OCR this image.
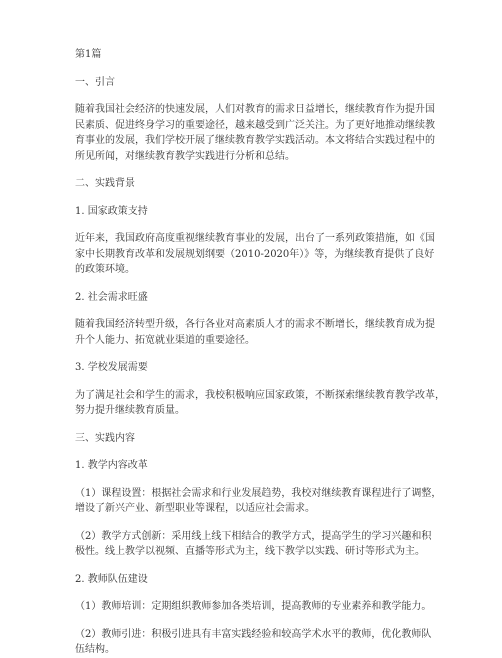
第1篇
一、引言
随着我国社会经济的快速发展，人们对教育的需求日益增长，继续教育作为提升国
民素质、促进终身学习的重要途径，越来越受到广泛关注。为了更好地推动继续教
育事业的发展，我们学校开展了继续教育教学实践活动。本文将结合实践过程中的
所见所闻，对继续教育教学实践进行分析和总结。
二、实践背景
1. 国家政策支持
近年来，我国政府高度重视继续教育事业的发展，出台了一系列政策措施，如《国
家中长期教育改革和发展规划纲要（2010-2020年）》等，为继续教育提供了良好
的政策环境。
2. 社会需求旺盛
随着我国经济转型升级，各行各业对高素质人才的需求不断增长，继续教育成为提
升个人能力、拓宽就业渠道的重要途径。
3. 学校发展需要
为了满足社会和学生的需求，我校积极响应国家政策，不断探索继续教育教学改革，
努力提升继续教育质量。
三、实践内容
1. 教学内容改革
（1）课程设置：根据社会需求和行业发展趋势，我校对继续教育课程进行了调整，
增设了新兴产业、新型职业等课程，以适应社会需求。
（2）教学方式创新：采用线上线下相结合的教学方式，提高学生的学习兴趣和积
极性。线上教学以视频、直播等形式为主，线下教学以实践、研讨等形式为主。
2. 教师队伍建设
（1）教师培训：定期组织教师参加各类培训，提高教师的专业素养和教学能力。
（2）教师引进：积极引进具有丰富实践经验和较高学术水平的教师，优化教师队
伍结构。
